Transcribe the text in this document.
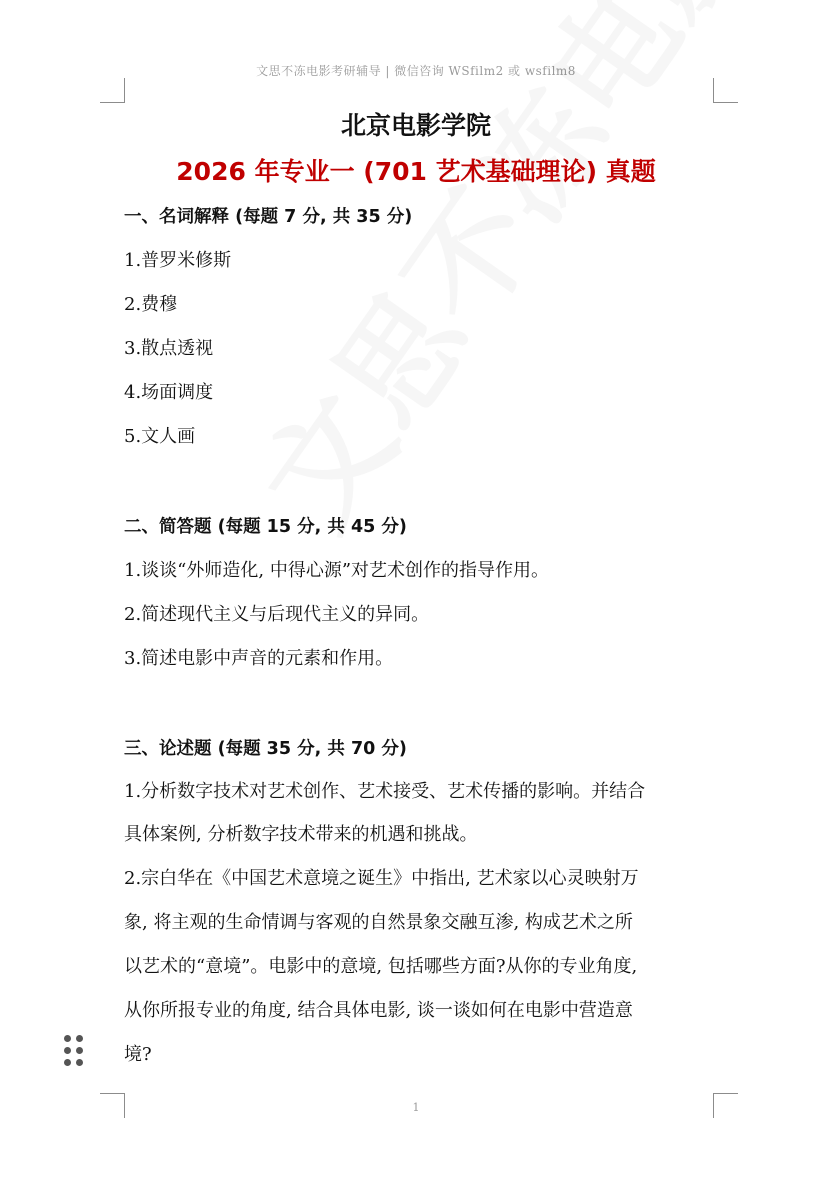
文思不冻电影考研辅导 | 微信咨询 WSfilm2 或 wsfilm8
北京电影学院
2026 年专业一 (701 艺术基础理论) 真题
一、名词解释 (每题 7 分, 共 35 分)
1.普罗米修斯
2.费穆
3.散点透视
4.场面调度
5.文人画
二、简答题 (每题 15 分, 共 45 分)
1.谈谈“外师造化, 中得心源”对艺术创作的指导作用。
2.简述现代主义与后现代主义的异同。
3.简述电影中声音的元素和作用。
三、论述题 (每题 35 分, 共 70 分)
1.分析数字技术对艺术创作、艺术接受、艺术传播的影响。并结合
具体案例, 分析数字技术带来的机遇和挑战。
2.宗白华在《中国艺术意境之诞生》中指出, 艺术家以心灵映射万
象, 将主观的生命情调与客观的自然景象交融互渗, 构成艺术之所
以艺术的“意境”。电影中的意境, 包括哪些方面?从你的专业角度,
从你所报专业的角度, 结合具体电影, 谈一谈如何在电影中营造意
境?
1
